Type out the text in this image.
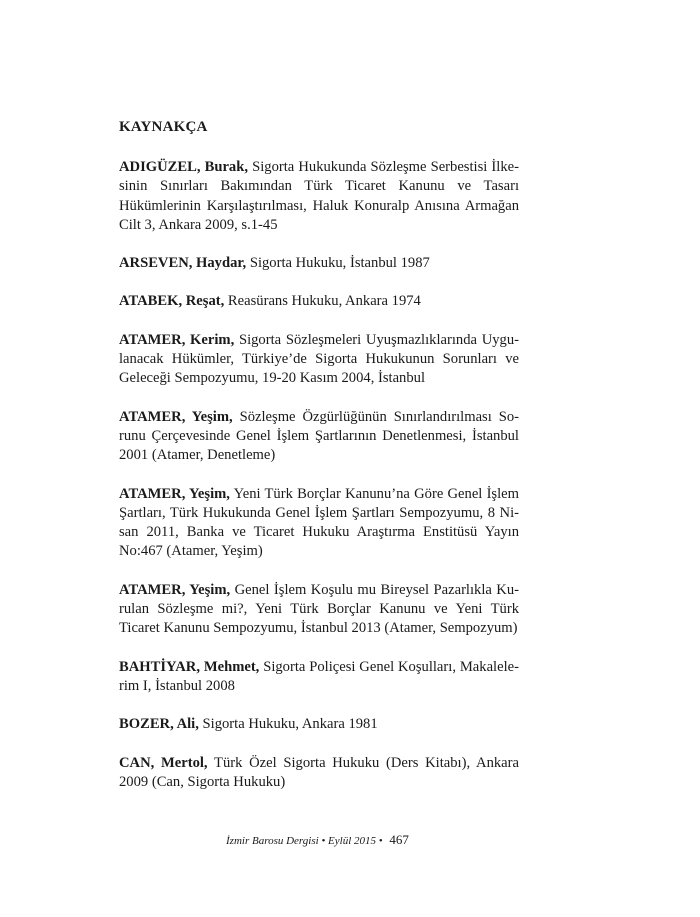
KAYNAKÇA

ADIGÜZEL, Burak, Sigorta Hukukunda Sözleşme Serbestisi İlkesinin Sınırları Bakımından Türk Ticaret Kanunu ve Tasarı Hükümlerinin Karşılaştırılması, Haluk Konuralp Anısına Armağan Cilt 3, Ankara 2009, s.1-45

ARSEVEN, Haydar, Sigorta Hukuku, İstanbul 1987

ATABEK, Reşat, Reasürans Hukuku, Ankara 1974

ATAMER, Kerim, Sigorta Sözleşmeleri Uyuşmazlıklarında Uygulanacak Hükümler, Türkiye’de Sigorta Hukukunun Sorunları ve Geleceği Sempozyumu, 19-20 Kasım 2004, İstanbul

ATAMER, Yeşim, Sözleşme Özgürlüğünün Sınırlandırılması Sorunu Çerçevesinde Genel İşlem Şartlarının Denetlenmesi, İstanbul 2001 (Atamer, Denetleme)

ATAMER, Yeşim, Yeni Türk Borçlar Kanunu’na Göre Genel İşlem Şartları, Türk Hukukunda Genel İşlem Şartları Sempozyumu, 8 Nisan 2011, Banka ve Ticaret Hukuku Araştırma Enstitüsü Yayın No:467 (Atamer, Yeşim)

ATAMER, Yeşim, Genel İşlem Koşulu mu Bireysel Pazarlıkla Kurulan Sözleşme mi?, Yeni Türk Borçlar Kanunu ve Yeni Türk Ticaret Kanunu Sempozyumu, İstanbul 2013 (Atamer, Sempozyum)

BAHTİYAR, Mehmet, Sigorta Poliçesi Genel Koşulları, Makalelerim I, İstanbul 2008

BOZER, Ali, Sigorta Hukuku, Ankara 1981

CAN, Mertol, Türk Özel Sigorta Hukuku (Ders Kitabı), Ankara 2009 (Can, Sigorta Hukuku)

İzmir Barosu Dergisi • Eylül 2015 • 467
